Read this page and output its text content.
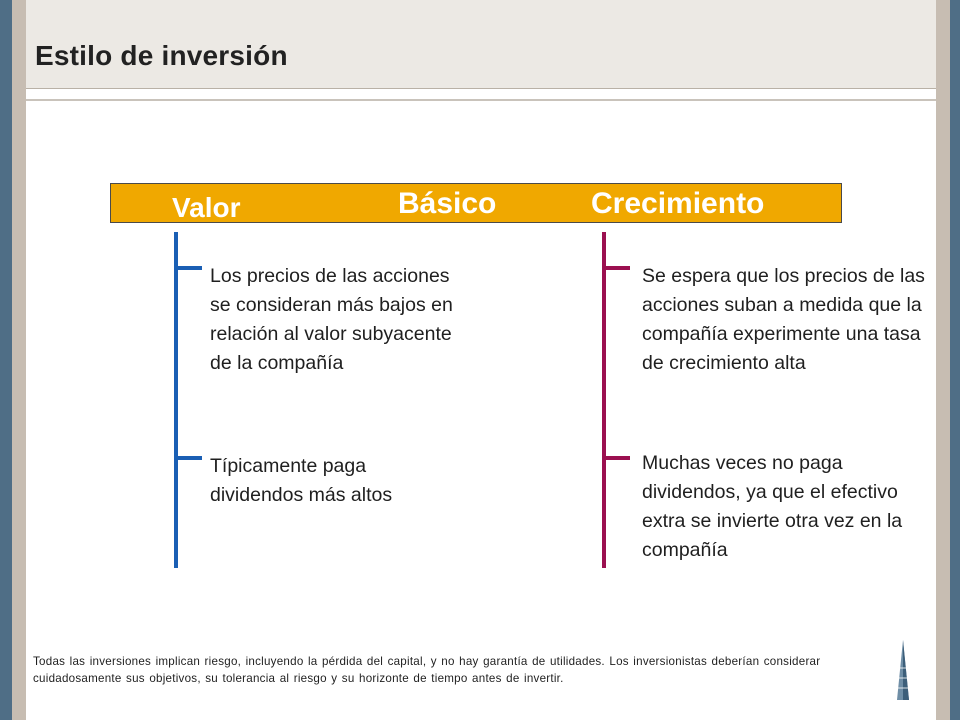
Estilo de inversión
Valor	Básico	Crecimiento

Los precios de las acciones se consideran más bajos en relación al valor subyacente de la compañía

Típicamente paga dividendos más altos

Se espera que los precios de las acciones suban a medida que la compañía experimente una tasa de crecimiento alta

Muchas veces no paga dividendos, ya que el efectivo extra se invierte otra vez en la compañía

Todas las inversiones implican riesgo, incluyendo la pérdida del capital, y no hay garantía de utilidades. Los inversionistas deberían considerar cuidadosamente sus objetivos, su tolerancia al riesgo y su horizonte de tiempo antes de invertir.
